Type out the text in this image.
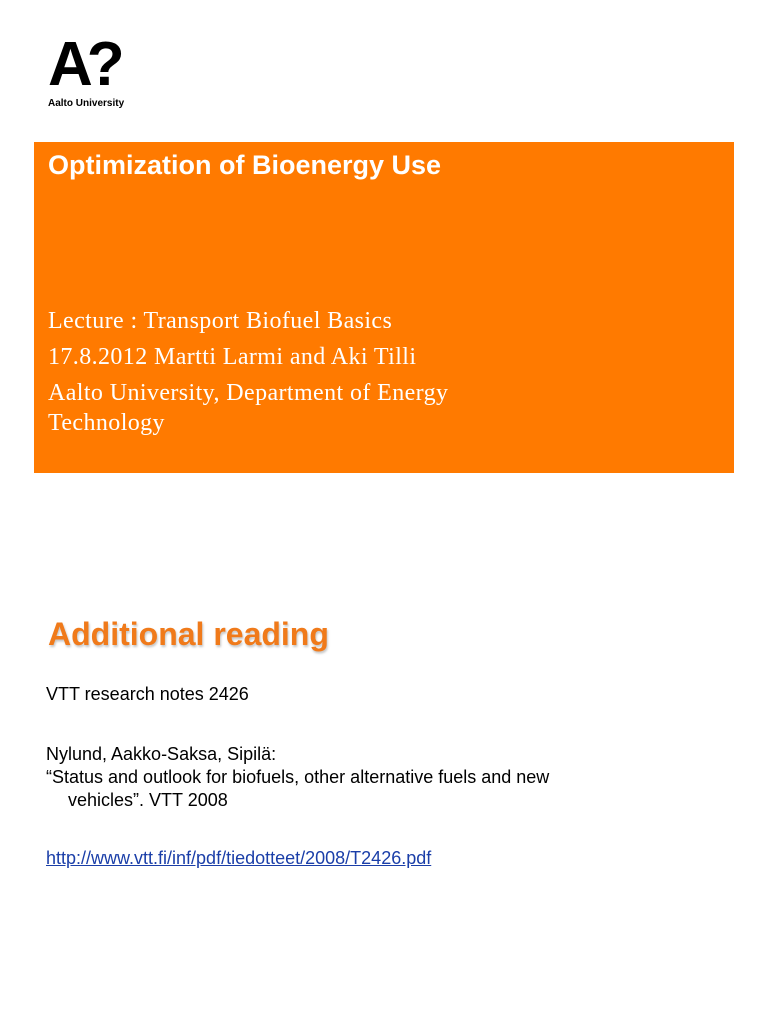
A?
Aalto University
Optimization of Bioenergy Use
Lecture : Transport Biofuel Basics
17.8.2012 Martti Larmi and Aki Tilli
Aalto University, Department of Energy
Technology
Additional reading
VTT research notes 2426
Nylund, Aakko-Saksa, Sipilä:
“Status and outlook for biofuels, other alternative fuels and new
vehicles”. VTT 2008
http://www.vtt.fi/inf/pdf/tiedotteet/2008/T2426.pdf
